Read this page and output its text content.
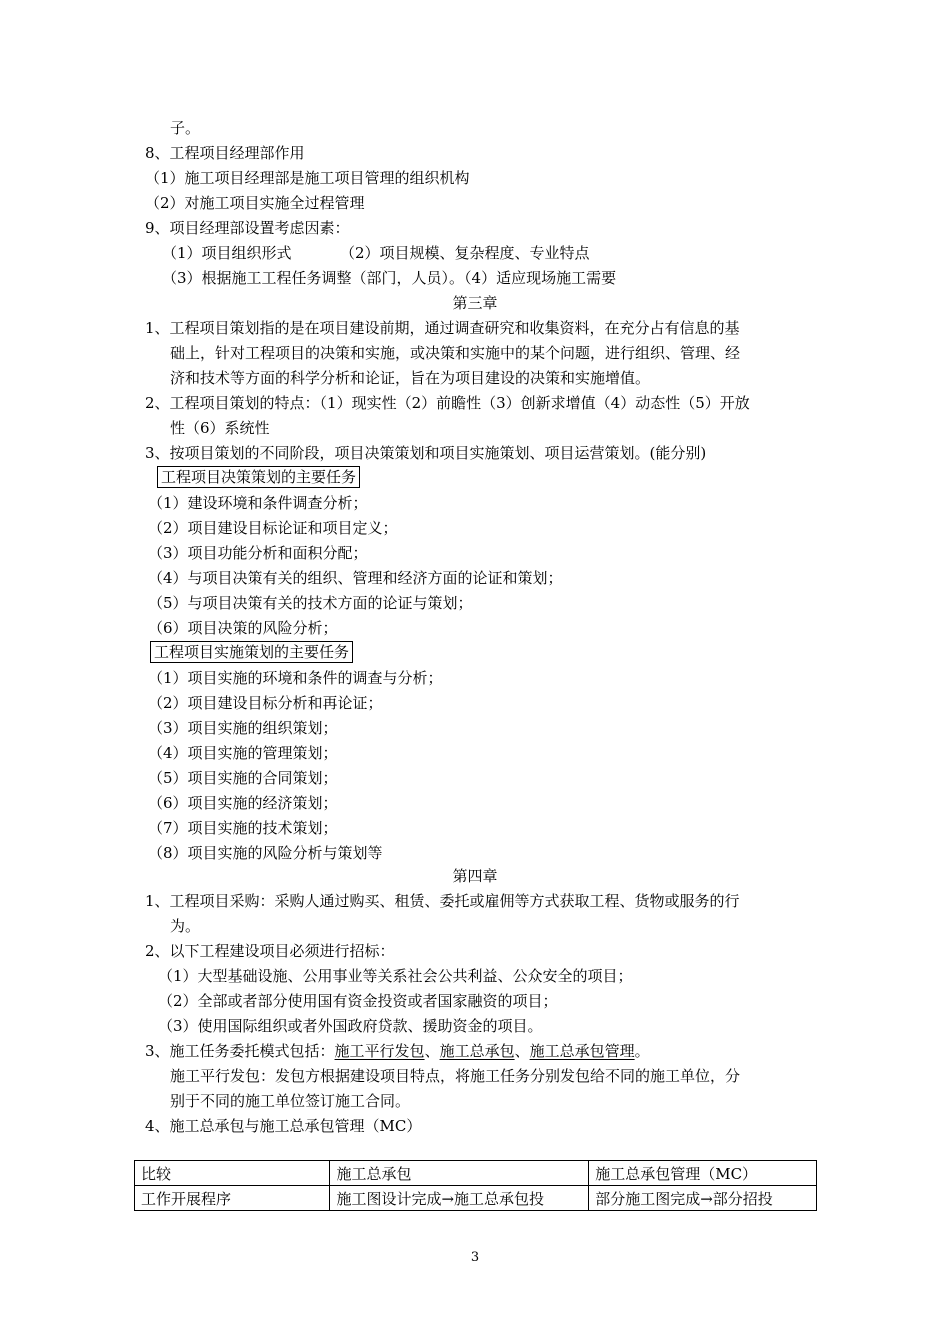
子。
8、工程项目经理部作用
（1）施工项目经理部是施工项目管理的组织机构
（2）对施工项目实施全过程管理
9、项目经理部设置考虑因素：
（1）项目组织形式	（2）项目规模、复杂程度、专业特点
（3）根据施工工程任务调整（部门，人员）。（4）适应现场施工需要
第三章
1、工程项目策划指的是在项目建设前期，通过调查研究和收集资料，在充分占有信息的基
础上，针对工程项目的决策和实施，或决策和实施中的某个问题，进行组织、管理、经
济和技术等方面的科学分析和论证，旨在为项目建设的决策和实施增值。
2、工程项目策划的特点：（1）现实性（2）前瞻性（3）创新求增值（4）动态性（5）开放
性（6）系统性
3、按项目策划的不同阶段，项目决策策划和项目实施策划、项目运营策划。(能分别)
工程项目决策策划的主要任务
（1）建设环境和条件调查分析；
（2）项目建设目标论证和项目定义；
（3）项目功能分析和面积分配；
（4）与项目决策有关的组织、管理和经济方面的论证和策划；
（5）与项目决策有关的技术方面的论证与策划；
（6）项目决策的风险分析；
工程项目实施策划的主要任务
（1）项目实施的环境和条件的调查与分析；
（2）项目建设目标分析和再论证；
（3）项目实施的组织策划；
（4）项目实施的管理策划；
（5）项目实施的合同策划；
（6）项目实施的经济策划；
（7）项目实施的技术策划；
（8）项目实施的风险分析与策划等
第四章
1、工程项目采购：采购人通过购买、租赁、委托或雇佣等方式获取工程、货物或服务的行
为。
2、以下工程建设项目必须进行招标：
（1）大型基础设施、公用事业等关系社会公共利益、公众安全的项目；
（2）全部或者部分使用国有资金投资或者国家融资的项目；
（3）使用国际组织或者外国政府贷款、援助资金的项目。
3、施工任务委托模式包括：施工平行发包、施工总承包、施工总承包管理。
施工平行发包：发包方根据建设项目特点，将施工任务分别发包给不同的施工单位，分
别于不同的施工单位签订施工合同。
4、施工总承包与施工总承包管理（MC）
比较	施工总承包	施工总承包管理（MC）
工作开展程序	施工图设计完成→施工总承包投	部分施工图完成→部分招投
3
